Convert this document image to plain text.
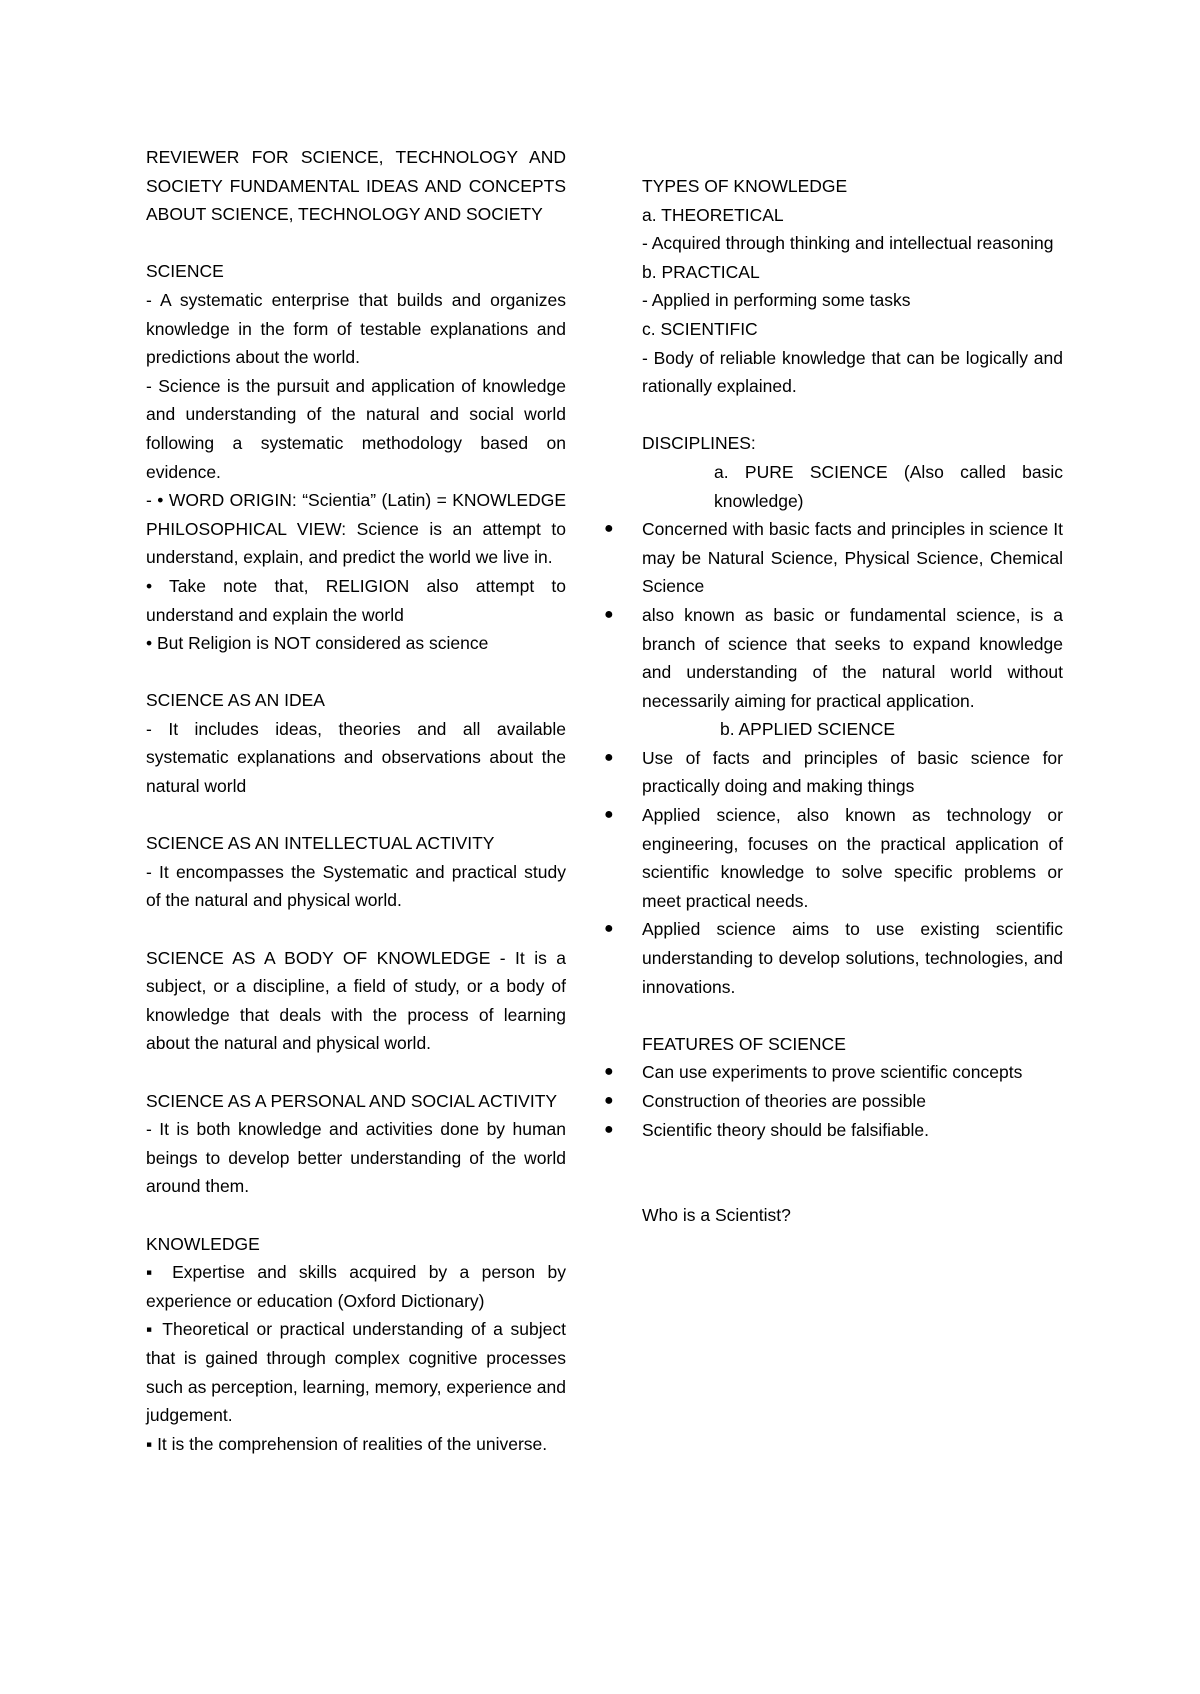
REVIEWER FOR SCIENCE, TECHNOLOGY AND SOCIETY FUNDAMENTAL IDEAS AND CONCEPTS ABOUT SCIENCE, TECHNOLOGY AND SOCIETY

SCIENCE

- A systematic enterprise that builds and organizes knowledge in the form of testable explanations and predictions about the world.

- Science is the pursuit and application of knowledge and understanding of the natural and social world following a systematic methodology based on evidence.

- • WORD ORIGIN: “Scientia” (Latin) = KNOWLEDGE PHILOSOPHICAL VIEW: Science is an attempt to understand, explain, and predict the world we live in.

• Take note that, RELIGION also attempt to understand and explain the world

• But Religion is NOT considered as science

SCIENCE AS AN IDEA

- It includes ideas, theories and all available systematic explanations and observations about the natural world

SCIENCE AS AN INTELLECTUAL ACTIVITY

- It encompasses the Systematic and practical study of the natural and physical world.

SCIENCE AS A BODY OF KNOWLEDGE - It is a subject, or a discipline, a field of study, or a body of knowledge that deals with the process of learning about the natural and physical world.

SCIENCE AS A PERSONAL AND SOCIAL ACTIVITY

- It is both knowledge and activities done by human beings to develop better understanding of the world around them.

KNOWLEDGE

▪ Expertise and skills acquired by a person by experience or education (Oxford Dictionary)

▪ Theoretical or practical understanding of a subject that is gained through complex cognitive processes such as perception, learning, memory, experience and judgement.

▪ It is the comprehension of realities of the universe.

TYPES OF KNOWLEDGE

a. THEORETICAL

- Acquired through thinking and intellectual reasoning

b. PRACTICAL

- Applied in performing some tasks

c. SCIENTIFIC

- Body of reliable knowledge that can be logically and rationally explained.

DISCIPLINES:

a. PURE SCIENCE (Also called basic knowledge)

● Concerned with basic facts and principles in science It may be Natural Science, Physical Science, Chemical Science
● also known as basic or fundamental science, is a branch of science that seeks to expand knowledge and understanding of the natural world without necessarily aiming for practical application.

b. APPLIED SCIENCE

● Use of facts and principles of basic science for practically doing and making things
● Applied science, also known as technology or engineering, focuses on the practical application of scientific knowledge to solve specific problems or meet practical needs.
● Applied science aims to use existing scientific understanding to develop solutions, technologies, and innovations.

FEATURES OF SCIENCE

● Can use experiments to prove scientific concepts
● Construction of theories are possible
● Scientific theory should be falsifiable.

Who is a Scientist?
